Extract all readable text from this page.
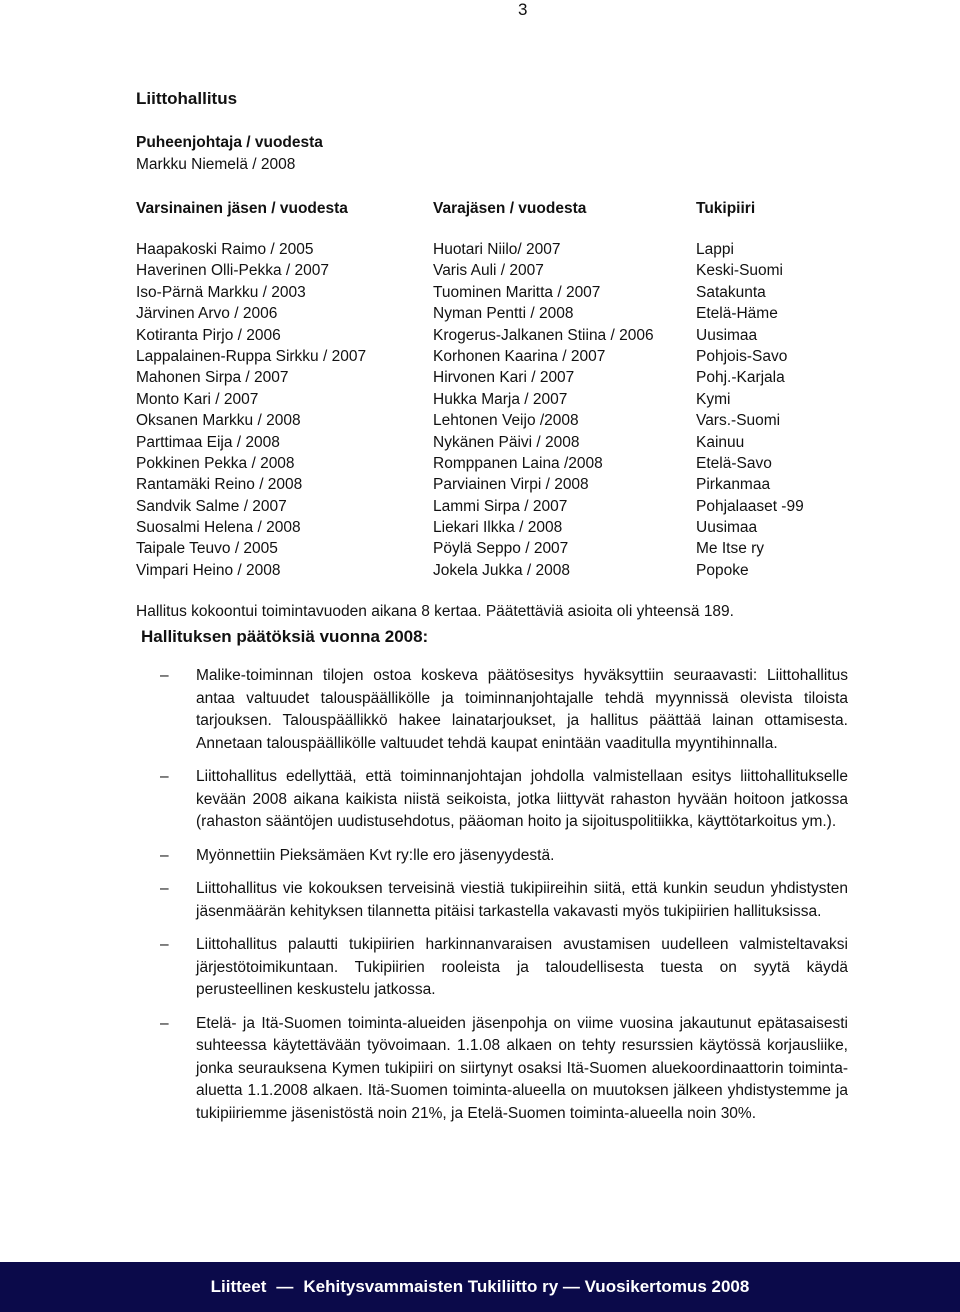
3
Liittohallitus
Puheenjohtaja / vuodesta
Markku Niemelä / 2008
Varsinainen jäsen / vuodesta
Haapakoski Raimo / 2005
Haverinen Olli-Pekka / 2007
Iso-Pärnä Markku / 2003
Järvinen Arvo / 2006
Kotiranta Pirjo / 2006
Lappalainen-Ruppa Sirkku / 2007
Mahonen Sirpa / 2007
Monto Kari / 2007
Oksanen Markku / 2008
Parttimaa Eija / 2008
Pokkinen Pekka / 2008
Rantamäki Reino / 2008
Sandvik Salme / 2007
Suosalmi Helena / 2008
Taipale Teuvo / 2005
Vimpari Heino / 2008
Varajäsen / vuodesta
Huotari Niilo/ 2007
Varis Auli / 2007
Tuominen Maritta / 2007
Nyman Pentti / 2008
Krogerus-Jalkanen Stiina / 2006
Korhonen Kaarina / 2007
Hirvonen Kari / 2007
Hukka Marja / 2007
Lehtonen Veijo /2008
Nykänen Päivi / 2008
Romppanen Laina /2008
Parviainen Virpi / 2008
Lammi Sirpa / 2007
Liekari Ilkka / 2008
Pöylä Seppo / 2007
Jokela Jukka / 2008
Tukipiiri
Lappi
Keski-Suomi
Satakunta
Etelä-Häme
Uusimaa
Pohjois-Savo
Pohj.-Karjala
Kymi
Vars.-Suomi
Kainuu
Etelä-Savo
Pirkanmaa
Pohjalaaset -99
Uusimaa
Me Itse ry
Popoke
Hallitus kokoontui toimintavuoden aikana 8 kertaa. Päätettäviä asioita oli yhteensä 189.
Hallituksen päätöksiä vuonna 2008:
– Malike-toiminnan tilojen ostoa koskeva päätösesitys hyväksyttiin seuraavasti: Liittohallitus antaa valtuudet talouspäällikölle ja toiminnanjohtajalle tehdä myynnissä olevista tiloista tarjouksen. Talouspäällikkö hakee lainatarjoukset, ja hallitus päättää lainan ottamisesta. Annetaan talouspäällikölle valtuudet tehdä kaupat enintään vaaditulla myyntihinnalla.
– Liittohallitus edellyttää, että toiminnanjohtajan johdolla valmistellaan esitys liittohallitukselle kevään 2008 aikana kaikista niistä seikoista, jotka liittyvät rahaston hyvään hoitoon jatkossa (rahaston sääntöjen uudistusehdotus, pääoman hoito ja sijoituspolitiikka, käyttötarkoitus ym.).
– Myönnettiin Pieksämäen Kvt ry:lle ero jäsenyydestä.
– Liittohallitus vie kokouksen terveisinä viestiä tukipiireihin siitä, että kunkin seudun yhdistysten jäsenmäärän kehityksen tilannetta pitäisi tarkastella vakavasti myös tukipiirien hallituksissa.
– Liittohallitus palautti tukipiirien harkinnanvaraisen avustamisen uudelleen valmisteltavaksi järjestötoimikuntaan. Tukipiirien rooleista ja taloudellisesta tuesta on syytä käydä perusteellinen keskustelu jatkossa.
– Etelä- ja Itä-Suomen toiminta-alueiden jäsenpohja on viime vuosina jakautunut epätasaisesti suhteessa käytettävään työvoimaan. 1.1.08 alkaen on tehty resurssien käytössä korjausliike, jonka seurauksena Kymen tukipiiri on siirtynyt osaksi Itä-Suomen aluekoordinaattorin toiminta-aluetta 1.1.2008 alkaen. Itä-Suomen toiminta-alueella on muutoksen jälkeen yhdistystemme ja tukipiiriemme jäsenistöstä noin 21%, ja Etelä-Suomen toiminta-alueella noin 30%.
Liitteet — Kehitysvammaisten Tukiliitto ry — Vuosikertomus 2008
